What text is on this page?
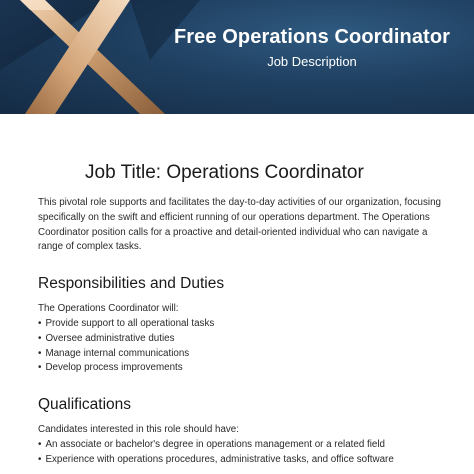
Free Operations Coordinator
Job Description
Job Title: Operations Coordinator

This pivotal role supports and facilitates the day-to-day activities of our organization, focusing specifically on the swift and efficient running of our operations department. The Operations Coordinator position calls for a proactive and detail-oriented individual who can navigate a range of complex tasks.

Responsibilities and Duties

The Operations Coordinator will:

• Provide support to all operational tasks
• Oversee administrative duties
• Manage internal communications
• Develop process improvements
Qualifications

Candidates interested in this role should have:

• An associate or bachelor's degree in operations management or a related field
• Experience with operations procedures, administrative tasks, and office software
